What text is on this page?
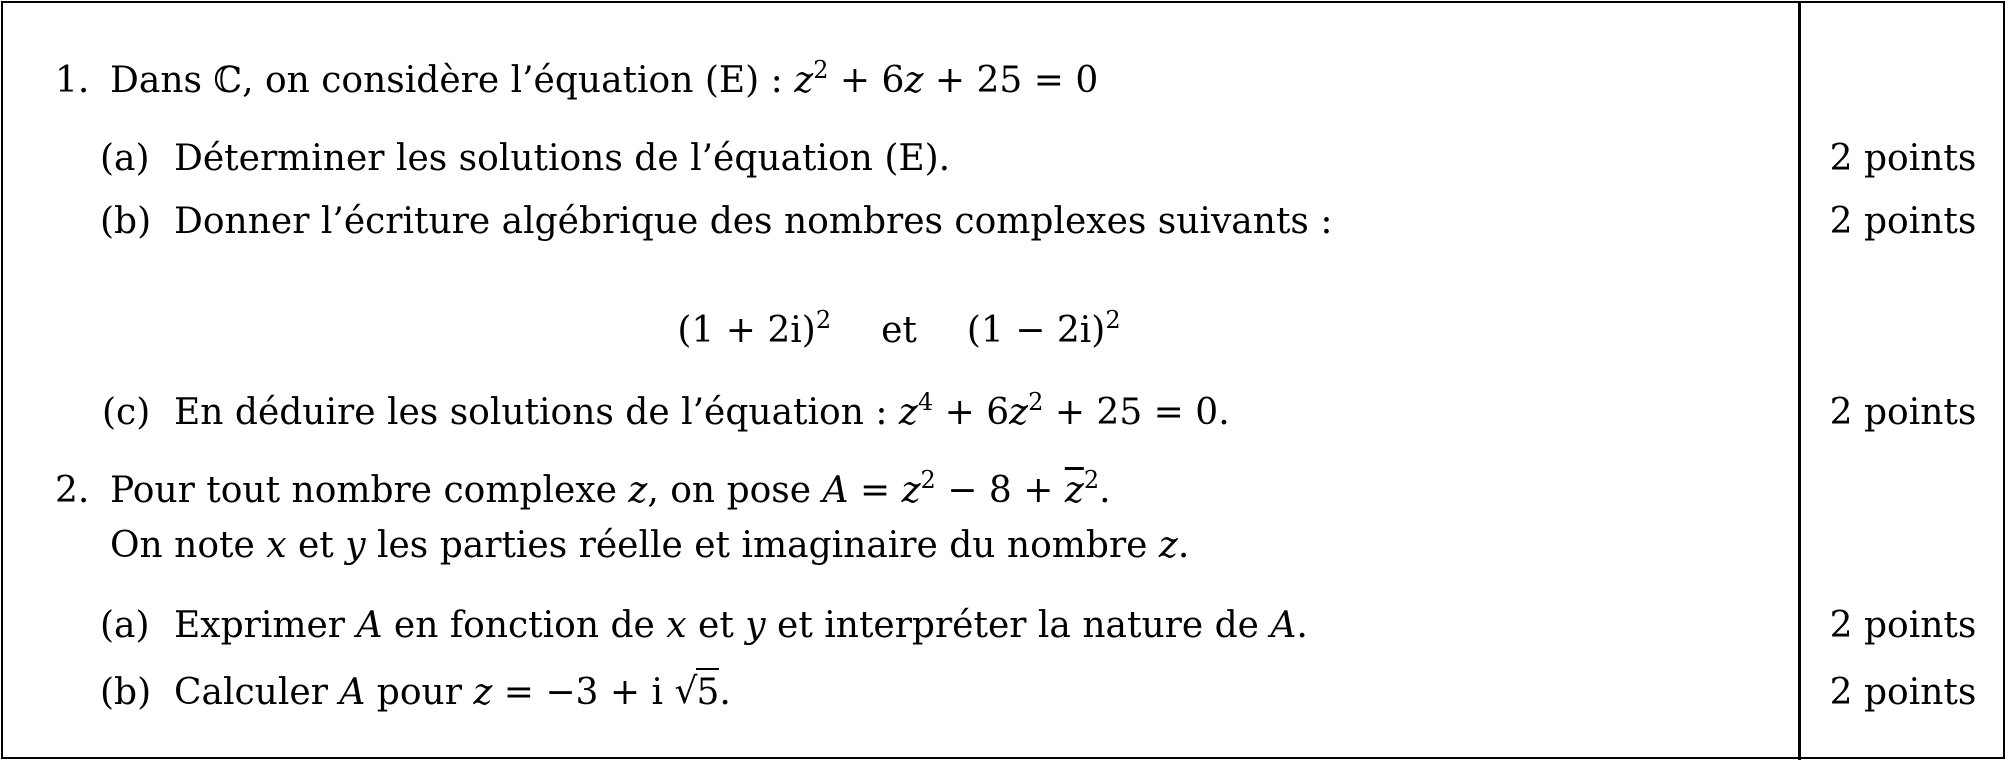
1. Dans ℂ, on considère l’équation (E) : $z^2 + 6z + 25 = 0$
(a) Déterminer les solutions de l’équation (E).	2 points
(b) Donner l’écriture algébrique des nombres complexes suivants :	2 points
$(1 + 2i)^2$ et $(1 - 2i)^2$
(c) En déduire les solutions de l’équation : $z^4 + 6z^2 + 25 = 0$.	2 points
2. Pour tout nombre complexe z, on pose $A = z^2 - 8 + \overline{z}^2$.
On note x et y les parties réelle et imaginaire du nombre z.
(a) Exprimer A en fonction de x et y et interpréter la nature de A.	2 points
(b) Calculer A pour z = −3 + i √ 5.	2 points
